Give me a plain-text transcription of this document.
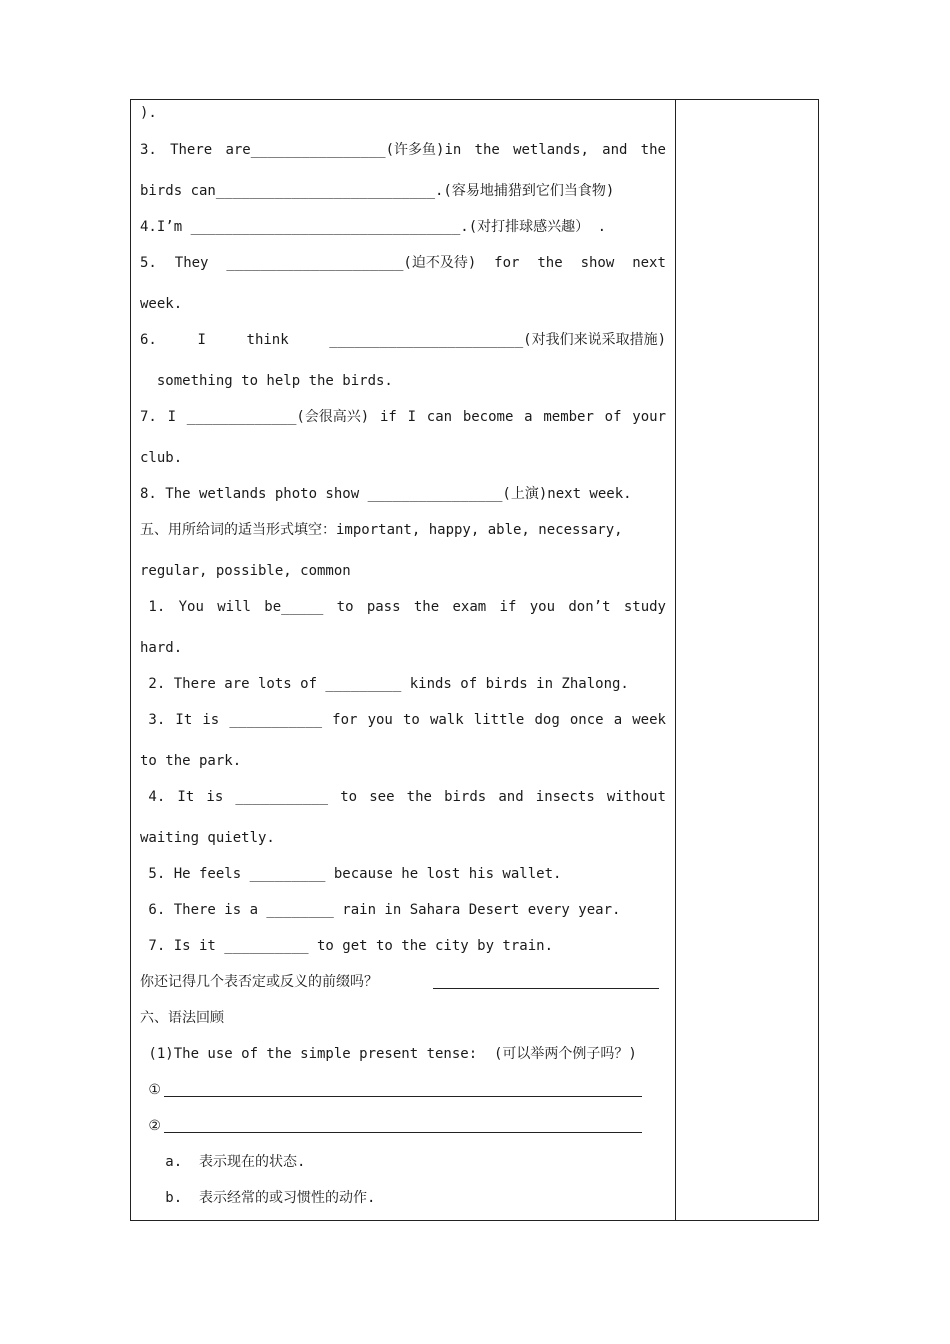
).
3. There are________________(许多鱼)in the wetlands, and the
birds can__________________________.(容易地捕猎到它们当食物)
4.I’m ________________________________.(对打排球感兴趣） .
5. They _____________________(迫不及待) for the show next
week.
6.	I	think	_______________________(对我们来说采取措施)
something to help the birds.
7. I _____________(会很高兴) if I can become a member of your
club.
8. The wetlands photo show ________________(上演)next week.
五、用所给词的适当形式填空：important, happy, able, necessary,
regular, possible, common
1. You will be_____ to pass the exam if you don’t study
hard.
2. There are lots of _________ kinds of birds in Zhalong.
3. It is ___________ for you to walk little dog once a week
to the park.
4. It is ___________ to see the birds and insects without
waiting quietly.
5. He feels _________ because he lost his wallet.
6. There is a ________ rain in Sahara Desert every year.
7. Is it __________ to get to the city by train.
你还记得几个表否定或反义的前缀吗？
六、语法回顾
(1)The use of the simple present tense:  (可以举两个例子吗？)
①
②
a.  表示现在的状态.
b.  表示经常的或习惯性的动作.
